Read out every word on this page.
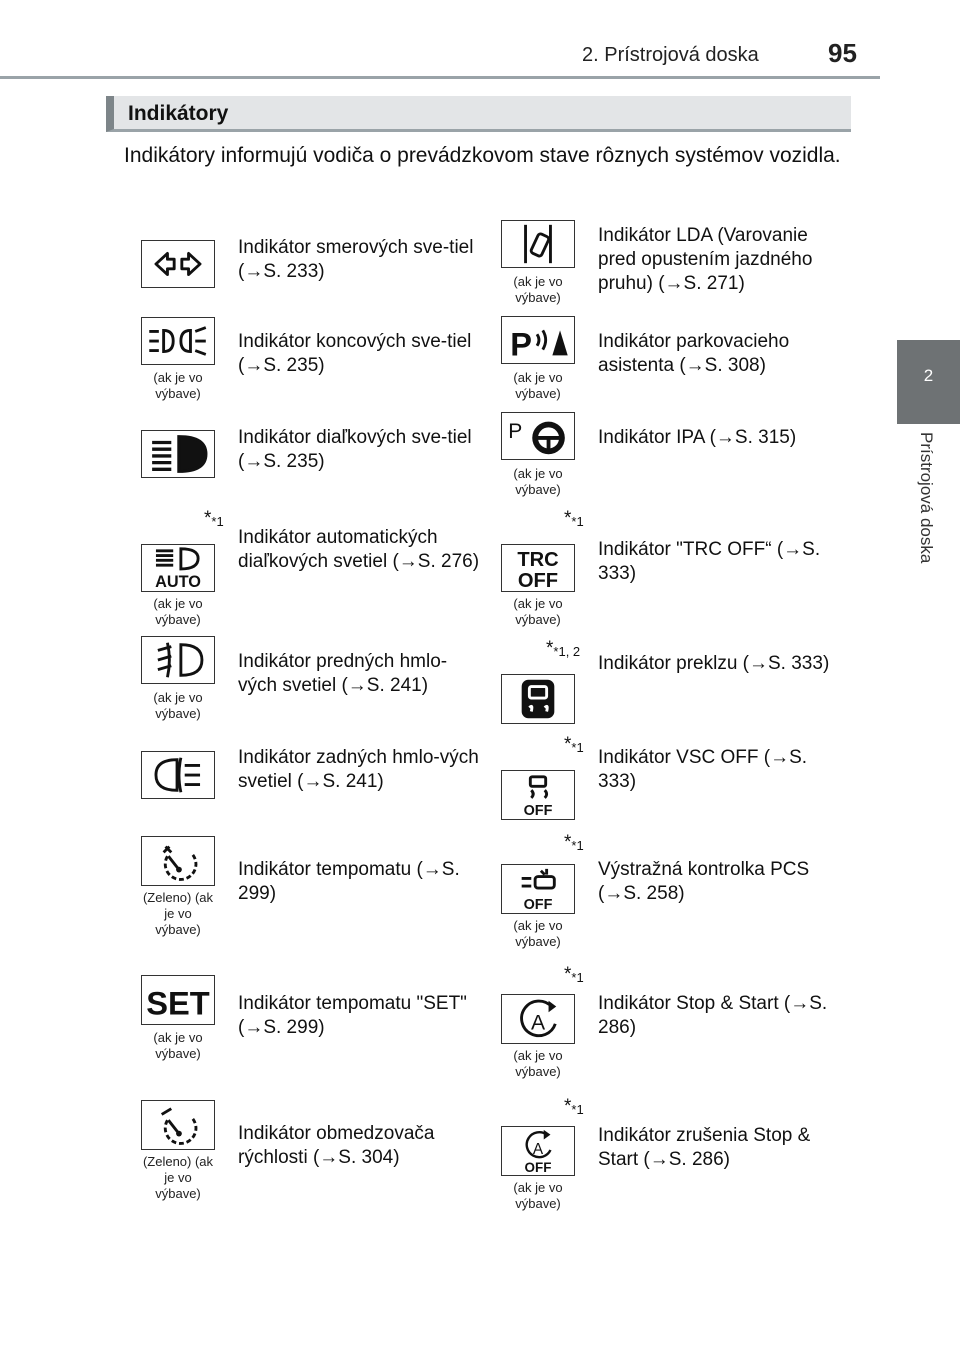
2. Prístrojová doska	95
2
Prístrojová doska
Indikátory
Indikátory informujú vodiča o prevádzkovom stave rôznych systémov vozidla.
Indikátor smerových sve-tiel (→S. 233)
(ak je vo výbave)
Indikátor koncových sve-tiel (→S. 235)
Indikátor diaľkových sve-tiel (→S. 235)
*$^{*1}$
AUTO
(ak je vo výbave)
Indikátor automatických diaľkových svetiel (→S. 276)
(ak je vo výbave)
Indikátor predných hmlo-vých svetiel (→S. 241)
Indikátor zadných hmlo-vých svetiel (→S. 241)
(Zeleno) (ak je vo výbave)
Indikátor tempomatu (→S. 299)
SET
(ak je vo výbave)
Indikátor tempomatu "SET" (→S. 299)
(Zeleno) (ak je vo výbave)
Indikátor obmedzovača rýchlosti (→S. 304)
(ak je vo výbave)
Indikátor LDA (Varovanie pred opustením jazdného pruhu) (→S. 271)
P
(ak je vo výbave)
Indikátor parkovacieho asistenta (→S. 308)
P
(ak je vo výbave)
Indikátor IPA (→S. 315)
*$^{*1}$
TRC
OFF
(ak je vo výbave)
Indikátor "TRC OFF“ (→S. 333)
*$^{*1, 2}$
Indikátor preklzu (→S. 333)
*$^{*1}$
OFF
Indikátor VSC OFF (→S. 333)
*$^{*1}$
OFF
(ak je vo výbave)
Výstražná kontrolka PCS (→S. 258)
*$^{*1}$
A
(ak je vo výbave)
Indikátor Stop & Start (→S. 286)
*$^{*1}$
A
OFF
(ak je vo výbave)
Indikátor zrušenia Stop & Start (→S. 286)
